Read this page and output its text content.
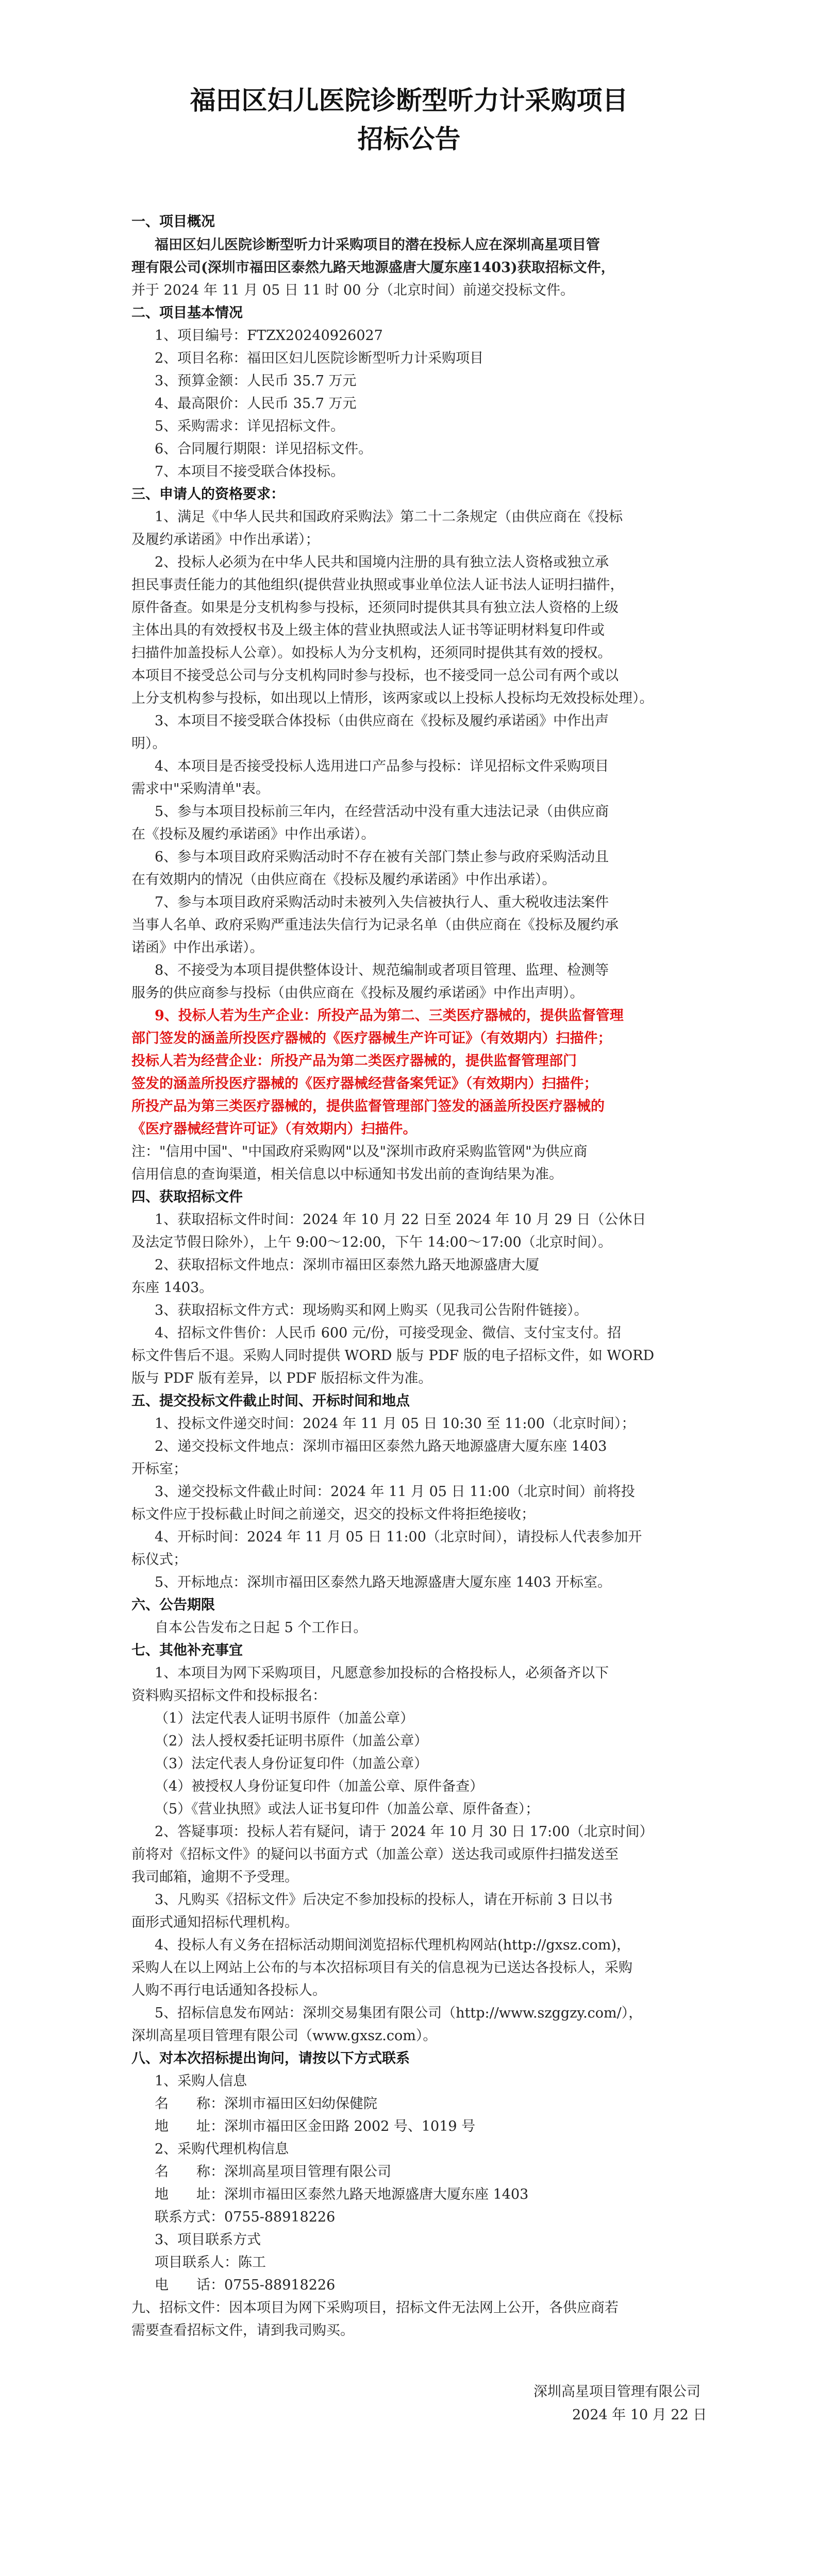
福田区妇儿医院诊断型听力计采购项目
招标公告
一、项目概况
福田区妇儿医院诊断型听力计采购项目的潜在投标人应在深圳高星项目管
理有限公司(深圳市福田区泰然九路天地源盛唐大厦东座1403)获取招标文件，
并于 2024 年 11 月 05 日 11 时 00 分（北京时间）前递交投标文件。
二、项目基本情况
1、项目编号：FTZX20240926027
2、项目名称：福田区妇儿医院诊断型听力计采购项目
3、预算金额：人民币 35.7 万元
4、最高限价：人民币 35.7 万元
5、采购需求：详见招标文件。
6、合同履行期限：详见招标文件。
7、本项目不接受联合体投标。
三、申请人的资格要求：
1、满足《中华人民共和国政府采购法》第二十二条规定（由供应商在《投标
及履约承诺函》中作出承诺）；
2、投标人必须为在中华人民共和国境内注册的具有独立法人资格或独立承
担民事责任能力的其他组织(提供营业执照或事业单位法人证书法人证明扫描件，
原件备查。如果是分支机构参与投标，还须同时提供其具有独立法人资格的上级
主体出具的有效授权书及上级主体的营业执照或法人证书等证明材料复印件或
扫描件加盖投标人公章）。如投标人为分支机构，还须同时提供其有效的授权。
本项目不接受总公司与分支机构同时参与投标，也不接受同一总公司有两个或以
上分支机构参与投标，如出现以上情形，该两家或以上投标人投标均无效投标处理）。
3、本项目不接受联合体投标（由供应商在《投标及履约承诺函》中作出声
明）。
4、本项目是否接受投标人选用进口产品参与投标：详见招标文件采购项目
需求中"采购清单"表。
5、参与本项目投标前三年内，在经营活动中没有重大违法记录（由供应商
在《投标及履约承诺函》中作出承诺）。
6、参与本项目政府采购活动时不存在被有关部门禁止参与政府采购活动且
在有效期内的情况（由供应商在《投标及履约承诺函》中作出承诺）。
7、参与本项目政府采购活动时未被列入失信被执行人、重大税收违法案件
当事人名单、政府采购严重违法失信行为记录名单（由供应商在《投标及履约承
诺函》中作出承诺）。
8、不接受为本项目提供整体设计、规范编制或者项目管理、监理、检测等
服务的供应商参与投标（由供应商在《投标及履约承诺函》中作出声明）。
9、投标人若为生产企业：所投产品为第二、三类医疗器械的，提供监督管理
部门签发的涵盖所投医疗器械的《医疗器械生产许可证》（有效期内）扫描件；
投标人若为经营企业：所投产品为第二类医疗器械的，提供监督管理部门
签发的涵盖所投医疗器械的《医疗器械经营备案凭证》（有效期内）扫描件；
所投产品为第三类医疗器械的，提供监督管理部门签发的涵盖所投医疗器械的
《医疗器械经营许可证》（有效期内）扫描件。
注："信用中国"、"中国政府采购网"以及"深圳市政府采购监管网"为供应商
信用信息的查询渠道，相关信息以中标通知书发出前的查询结果为准。
四、获取招标文件
1、获取招标文件时间：2024 年 10 月 22 日至 2024 年 10 月 29 日（公休日
及法定节假日除外），上午 9:00～12:00，下午 14:00～17:00（北京时间）。
2、获取招标文件地点：深圳市福田区泰然九路天地源盛唐大厦
东座 1403。
3、获取招标文件方式：现场购买和网上购买（见我司公告附件链接）。
4、招标文件售价：人民币 600 元/份，可接受现金、微信、支付宝支付。招
标文件售后不退。采购人同时提供 WORD 版与 PDF 版的电子招标文件，如 WORD
版与 PDF 版有差异，以 PDF 版招标文件为准。
五、提交投标文件截止时间、开标时间和地点
1、投标文件递交时间：2024 年 11 月 05 日 10:30 至 11:00（北京时间）；
2、递交投标文件地点：深圳市福田区泰然九路天地源盛唐大厦东座 1403
开标室；
3、递交投标文件截止时间：2024 年 11 月 05 日 11:00（北京时间）前将投
标文件应于投标截止时间之前递交，迟交的投标文件将拒绝接收；
4、开标时间：2024 年 11 月 05 日 11:00（北京时间），请投标人代表参加开
标仪式；
5、开标地点：深圳市福田区泰然九路天地源盛唐大厦东座 1403 开标室。
六、公告期限
自本公告发布之日起 5 个工作日。
七、其他补充事宜
1、本项目为网下采购项目，凡愿意参加投标的合格投标人，必须备齐以下
资料购买招标文件和投标报名：
（1）法定代表人证明书原件（加盖公章）
（2）法人授权委托证明书原件（加盖公章）
（3）法定代表人身份证复印件（加盖公章）
（4）被授权人身份证复印件（加盖公章、原件备查）
（5）《营业执照》或法人证书复印件（加盖公章、原件备查）；
2、答疑事项：投标人若有疑问，请于 2024 年 10 月 30 日 17:00（北京时间）
前将对《招标文件》的疑问以书面方式（加盖公章）送达我司或原件扫描发送至
我司邮箱，逾期不予受理。
3、凡购买《招标文件》后决定不参加投标的投标人，请在开标前 3 日以书
面形式通知招标代理机构。
4、投标人有义务在招标活动期间浏览招标代理机构网站(http://gxsz.com)，
采购人在以上网站上公布的与本次招标项目有关的信息视为已送达各投标人，采购
人购不再行电话通知各投标人。
5、招标信息发布网站：深圳交易集团有限公司（http://www.szggzy.com/），
深圳高星项目管理有限公司（www.gxsz.com）。
八、对本次招标提出询问，请按以下方式联系
1、采购人信息
名　　称：深圳市福田区妇幼保健院
地　　址：深圳市福田区金田路 2002 号、1019 号
2、采购代理机构信息
名　　称：深圳高星项目管理有限公司
地　　址：深圳市福田区泰然九路天地源盛唐大厦东座 1403
联系方式：0755-88918226
3、项目联系方式
项目联系人：陈工
电　　话：0755-88918226
九、招标文件：因本项目为网下采购项目，招标文件无法网上公开，各供应商若
需要查看招标文件，请到我司购买。
深圳高星项目管理有限公司
2024 年 10 月 22 日
